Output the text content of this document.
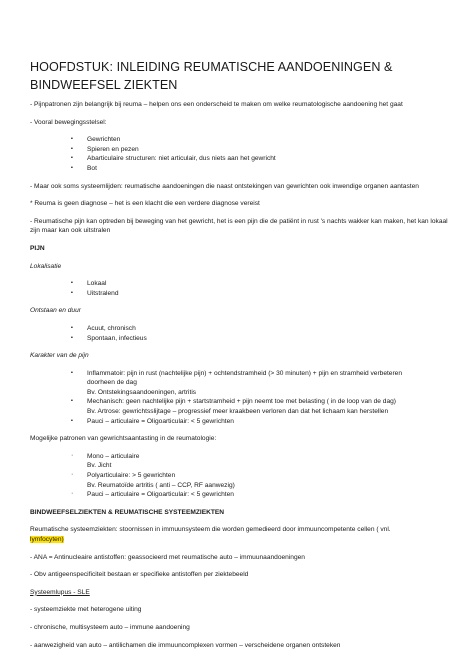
HOOFDSTUK: INLEIDING REUMATISCHE AANDOENINGEN &
BINDWEEFSEL ZIEKTEN

- Pijnpatronen zijn belangrijk bij reuma – helpen ons een onderscheid te maken om welke reumatologische aandoening het gaat

- Vooral bewegingsstelsel:

▪ Gewrichten
▪ Spieren en pezen
▪ Abarticulaire structuren: niet articulair, dus niets aan het gewricht
▪ Bot

- Maar ook soms systeemlijden: reumatische aandoeningen die naast ontstekingen van gewrichten ook inwendige organen aantasten

* Reuma is geen diagnose – het is een klacht die een verdere diagnose vereist

- Reumatische pijn kan optreden bij beweging van het gewricht, het is een pijn die de patiënt in rust 's nachts wakker kan maken, het kan lokaal zijn maar kan ook uitstralen

PIJN

Lokalisatie

▪ Lokaal
▪ Uitstralend

Ontstaan en duur

▪ Acuut, chronisch
▪ Spontaan, infectieus

Karakter van de pijn

▪ Inflammatoir: pijn in rust (nachtelijke pijn) + ochtendstramheid (> 30 minuten) + pijn en stramheid verbeteren
doorheen de dag
Bv. Ontstekingsaandoeningen, artritis
▪ Mechanisch: geen nachtelijke pijn + startstramheid + pijn neemt toe met belasting ( in de loop van de dag)
Bv. Artrose: gewrichtsslijtage – progressief meer kraakbeen verloren dan dat het lichaam kan herstellen
▪ Pauci – articulaire = Oligoarticulair: < 5 gewrichten

Mogelijke patronen van gewrichtsaantasting in de reumatologie:

· Mono – articulaire
Bv. Jicht
· Polyarticulaire: > 5 gewrichten
Bv. Reumatoïde artritis ( anti – CCP, RF aanwezig)
· Pauci – articulaire = Oligoarticulair: < 5 gewrichten

BINDWEEFSELZIEKTEN & REUMATISCHE SYSTEEMZIEKTEN

Reumatische systeemziekten: stoornissen in immuunsysteem die worden gemedieerd door immuuncompetente cellen ( vnl.
lymfocyten)

- ANA = Antinucleaire antistoffen: geassocieerd met reumatische auto – immuunaandoeningen

- Obv antigeenspecificiteit bestaan er specifieke antistoffen per ziektebeeld

Systeemlupus - SLE

- systeemziekte met heterogene uiting

- chronische, multisysteem auto – immune aandoening

- aanwezigheid van auto – antilichamen die immuuncomplexen vormen – verscheidene organen ontsteken
